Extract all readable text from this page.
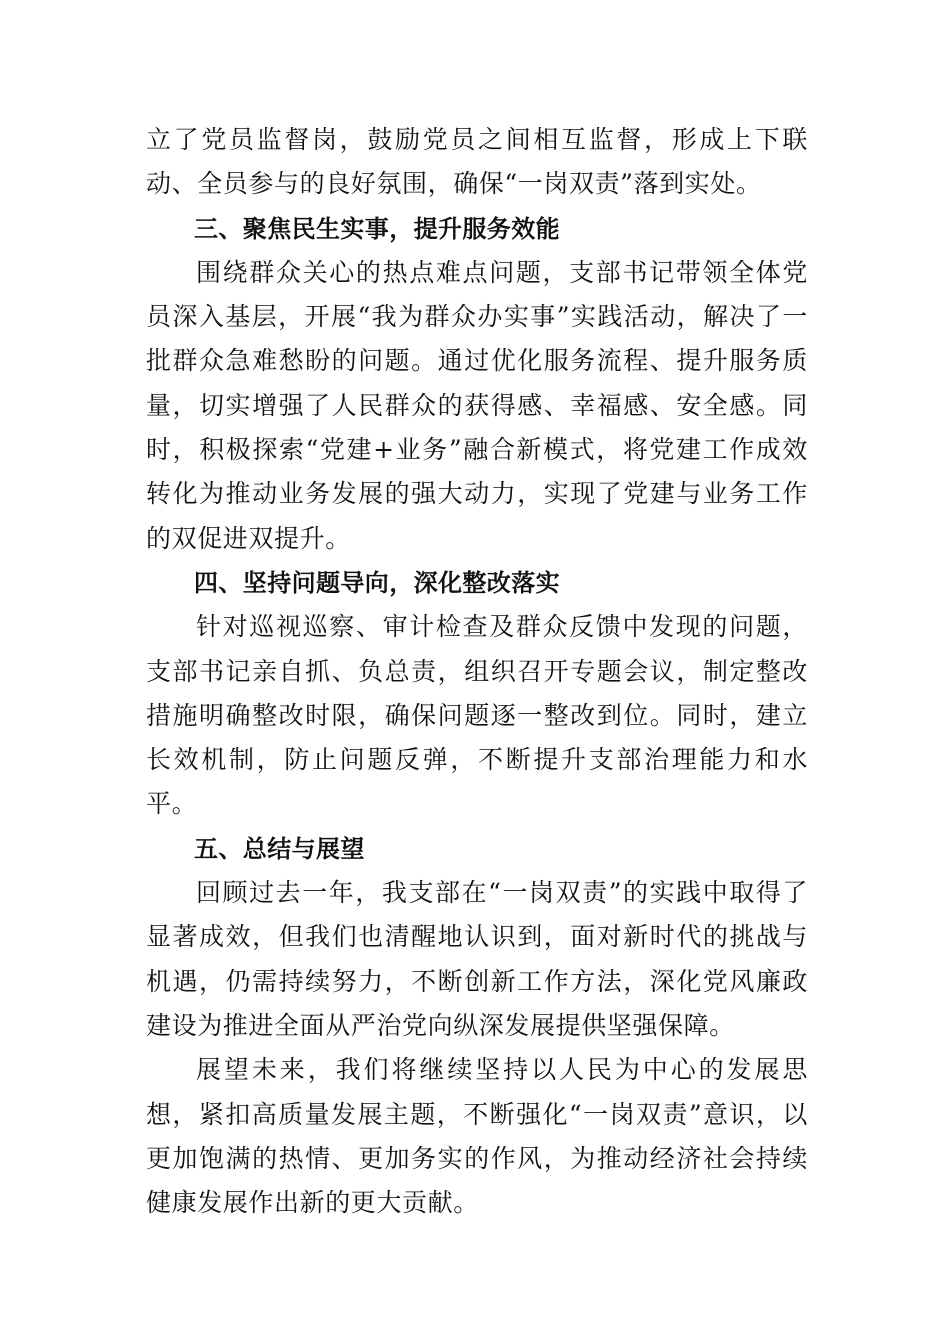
立了党员监督岗，鼓励党员之间相互监督，形成上下联动、全员参与的良好氛围，确保“一岗双责”落到实处。

三、聚焦民生实事，提升服务效能

围绕群众关心的热点难点问题，支部书记带领全体党员深入基层，开展“我为群众办实事”实践活动，解决了一批群众急难愁盼的问题。通过优化服务流程、提升服务质量，切实增强了人民群众的获得感、幸福感、安全感。同时，积极探索“党建+业务”融合新模式，将党建工作成效转化为推动业务发展的强大动力，实现了党建与业务工作的双促进双提升。

四、坚持问题导向，深化整改落实

针对巡视巡察、审计检查及群众反馈中发现的问题，支部书记亲自抓、负总责，组织召开专题会议，制定整改措施明确整改时限，确保问题逐一整改到位。同时，建立长效机制，防止问题反弹，不断提升支部治理能力和水平。

五、总结与展望

回顾过去一年，我支部在“一岗双责”的实践中取得了显著成效，但我们也清醒地认识到，面对新时代的挑战与机遇，仍需持续努力，不断创新工作方法，深化党风廉政建设为推进全面从严治党向纵深发展提供坚强保障。

展望未来，我们将继续坚持以人民为中心的发展思想，紧扣高质量发展主题，不断强化“一岗双责”意识，以更加饱满的热情、更加务实的作风，为推动经济社会持续健康发展作出新的更大贡献。
